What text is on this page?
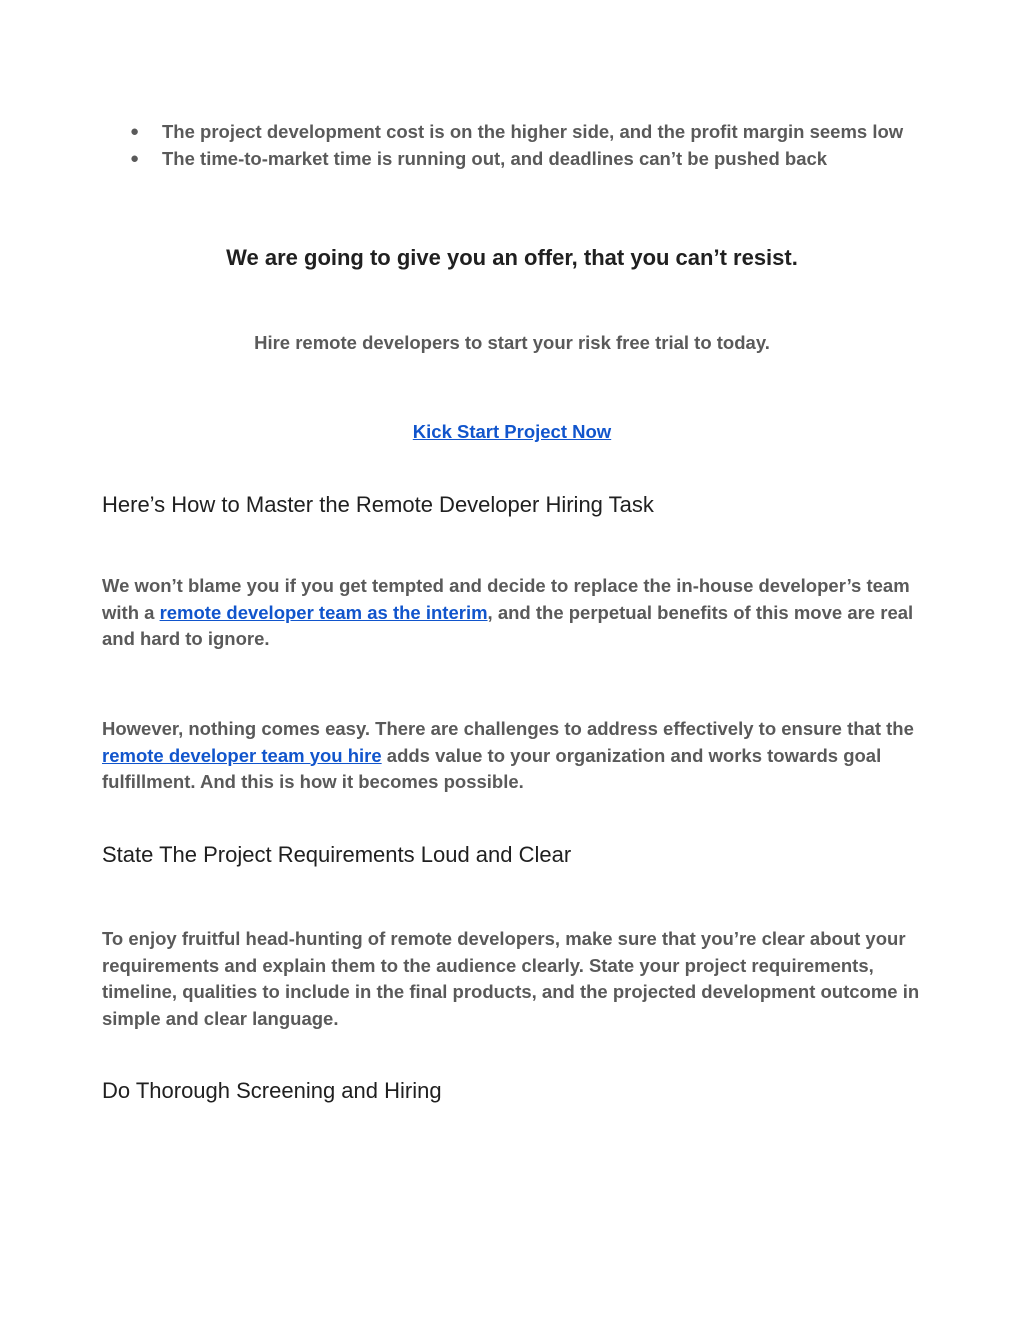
● The project development cost is on the higher side, and the profit margin seems low
● The time-to-market time is running out, and deadlines can’t be pushed back
We are going to give you an offer, that you can’t resist.
Hire remote developers to start your risk free trial to today.
Kick Start Project Now
Here’s How to Master the Remote Developer Hiring Task

We won’t blame you if you get tempted and decide to replace the in-house developer’s team with a remote developer team as the interim, and the perpetual benefits of this move are real and hard to ignore.

However, nothing comes easy. There are challenges to address effectively to ensure that the remote developer team you hire adds value to your organization and works towards goal fulfillment. And this is how it becomes possible.

State The Project Requirements Loud and Clear

To enjoy fruitful head-hunting of remote developers, make sure that you’re clear about your requirements and explain them to the audience clearly. State your project requirements, timeline, qualities to include in the final products, and the projected development outcome in simple and clear language.

Do Thorough Screening and Hiring
